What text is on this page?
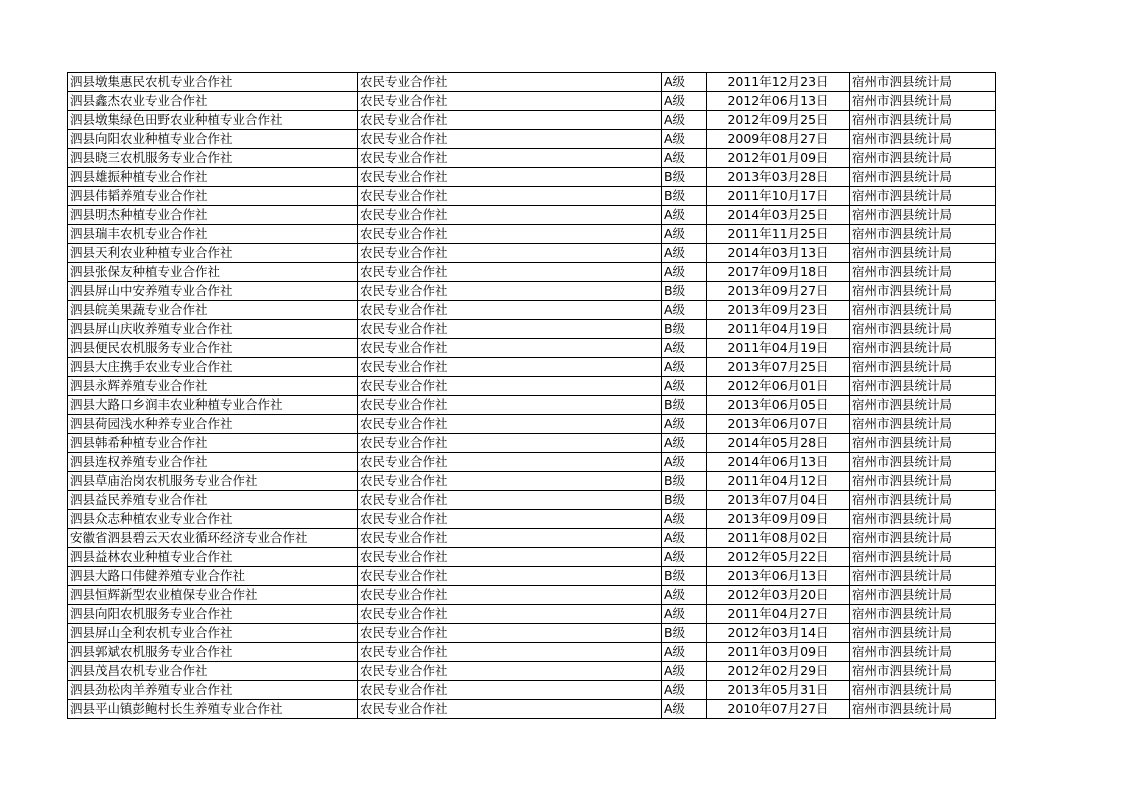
泗县墩集惠民农机专业合作社	农民专业合作社	A级	2011年12月23日	宿州市泗县统计局
泗县鑫杰农业专业合作社	农民专业合作社	A级	2012年06月13日	宿州市泗县统计局
泗县墩集绿色田野农业种植专业合作社	农民专业合作社	A级	2012年09月25日	宿州市泗县统计局
泗县向阳农业种植专业合作社	农民专业合作社	A级	2009年08月27日	宿州市泗县统计局
泗县晓三农机服务专业合作社	农民专业合作社	A级	2012年01月09日	宿州市泗县统计局
泗县雄振种植专业合作社	农民专业合作社	B级	2013年03月28日	宿州市泗县统计局
泗县伟韬养殖专业合作社	农民专业合作社	B级	2011年10月17日	宿州市泗县统计局
泗县明杰种植专业合作社	农民专业合作社	A级	2014年03月25日	宿州市泗县统计局
泗县瑞丰农机专业合作社	农民专业合作社	A级	2011年11月25日	宿州市泗县统计局
泗县天利农业种植专业合作社	农民专业合作社	A级	2014年03月13日	宿州市泗县统计局
泗县张保友种植专业合作社	农民专业合作社	A级	2017年09月18日	宿州市泗县统计局
泗县屏山中安养殖专业合作社	农民专业合作社	B级	2013年09月27日	宿州市泗县统计局
泗县皖美果蔬专业合作社	农民专业合作社	A级	2013年09月23日	宿州市泗县统计局
泗县屏山庆收养殖专业合作社	农民专业合作社	B级	2011年04月19日	宿州市泗县统计局
泗县便民农机服务专业合作社	农民专业合作社	A级	2011年04月19日	宿州市泗县统计局
泗县大庄携手农业专业合作社	农民专业合作社	A级	2013年07月25日	宿州市泗县统计局
泗县永辉养殖专业合作社	农民专业合作社	A级	2012年06月01日	宿州市泗县统计局
泗县大路口乡润丰农业种植专业合作社	农民专业合作社	B级	2013年06月05日	宿州市泗县统计局
泗县荷园浅水种养专业合作社	农民专业合作社	A级	2013年06月07日	宿州市泗县统计局
泗县韩希种植专业合作社	农民专业合作社	A级	2014年05月28日	宿州市泗县统计局
泗县连权养殖专业合作社	农民专业合作社	A级	2014年06月13日	宿州市泗县统计局
泗县草庙治岗农机服务专业合作社	农民专业合作社	B级	2011年04月12日	宿州市泗县统计局
泗县益民养殖专业合作社	农民专业合作社	B级	2013年07月04日	宿州市泗县统计局
泗县众志种植农业专业合作社	农民专业合作社	A级	2013年09月09日	宿州市泗县统计局
安徽省泗县碧云天农业循环经济专业合作社	农民专业合作社	A级	2011年08月02日	宿州市泗县统计局
泗县益林农业种植专业合作社	农民专业合作社	A级	2012年05月22日	宿州市泗县统计局
泗县大路口伟健养殖专业合作社	农民专业合作社	B级	2013年06月13日	宿州市泗县统计局
泗县恒辉新型农业植保专业合作社	农民专业合作社	A级	2012年03月20日	宿州市泗县统计局
泗县向阳农机服务专业合作社	农民专业合作社	A级	2011年04月27日	宿州市泗县统计局
泗县屏山全利农机专业合作社	农民专业合作社	B级	2012年03月14日	宿州市泗县统计局
泗县郭斌农机服务专业合作社	农民专业合作社	A级	2011年03月09日	宿州市泗县统计局
泗县茂昌农机专业合作社	农民专业合作社	A级	2012年02月29日	宿州市泗县统计局
泗县劲松肉羊养殖专业合作社	农民专业合作社	A级	2013年05月31日	宿州市泗县统计局
泗县平山镇彭鲍村长生养殖专业合作社	农民专业合作社	A级	2010年07月27日	宿州市泗县统计局
